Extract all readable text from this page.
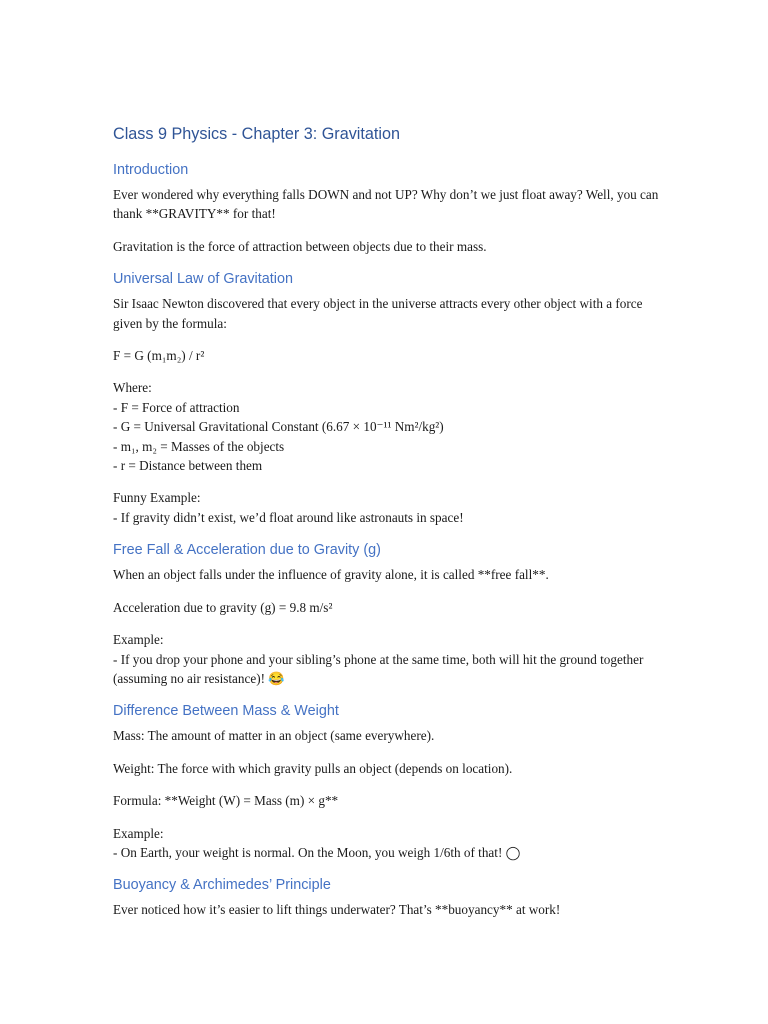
Class 9 Physics - Chapter 3: Gravitation
Introduction

Ever wondered why everything falls DOWN and not UP? Why don’t we just float away? Well, you can thank **GRAVITY** for that!

Gravitation is the force of attraction between objects due to their mass.

Universal Law of Gravitation

Sir Isaac Newton discovered that every object in the universe attracts every other object with a force given by the formula:

F = G (m₁m₂) / r²

Where:
- F = Force of attraction
- G = Universal Gravitational Constant (6.67 × 10⁻¹¹ Nm²/kg²)
- m₁, m₂ = Masses of the objects
- r = Distance between them

Funny Example:
- If gravity didn’t exist, we’d float around like astronauts in space!

Free Fall & Acceleration due to Gravity (g)

When an object falls under the influence of gravity alone, it is called **free fall**.

Acceleration due to gravity (g) = 9.8 m/s²

Example:
- If you drop your phone and your sibling’s phone at the same time, both will hit the ground together (assuming no air resistance)! 😂

Difference Between Mass & Weight

Mass: The amount of matter in an object (same everywhere).

Weight: The force with which gravity pulls an object (depends on location).

Formula: **Weight (W) = Mass (m) × g**

Example:
- On Earth, your weight is normal. On the Moon, you weigh 1/6th of that! ◯

Buoyancy & Archimedes’ Principle

Ever noticed how it’s easier to lift things underwater? That’s **buoyancy** at work!
